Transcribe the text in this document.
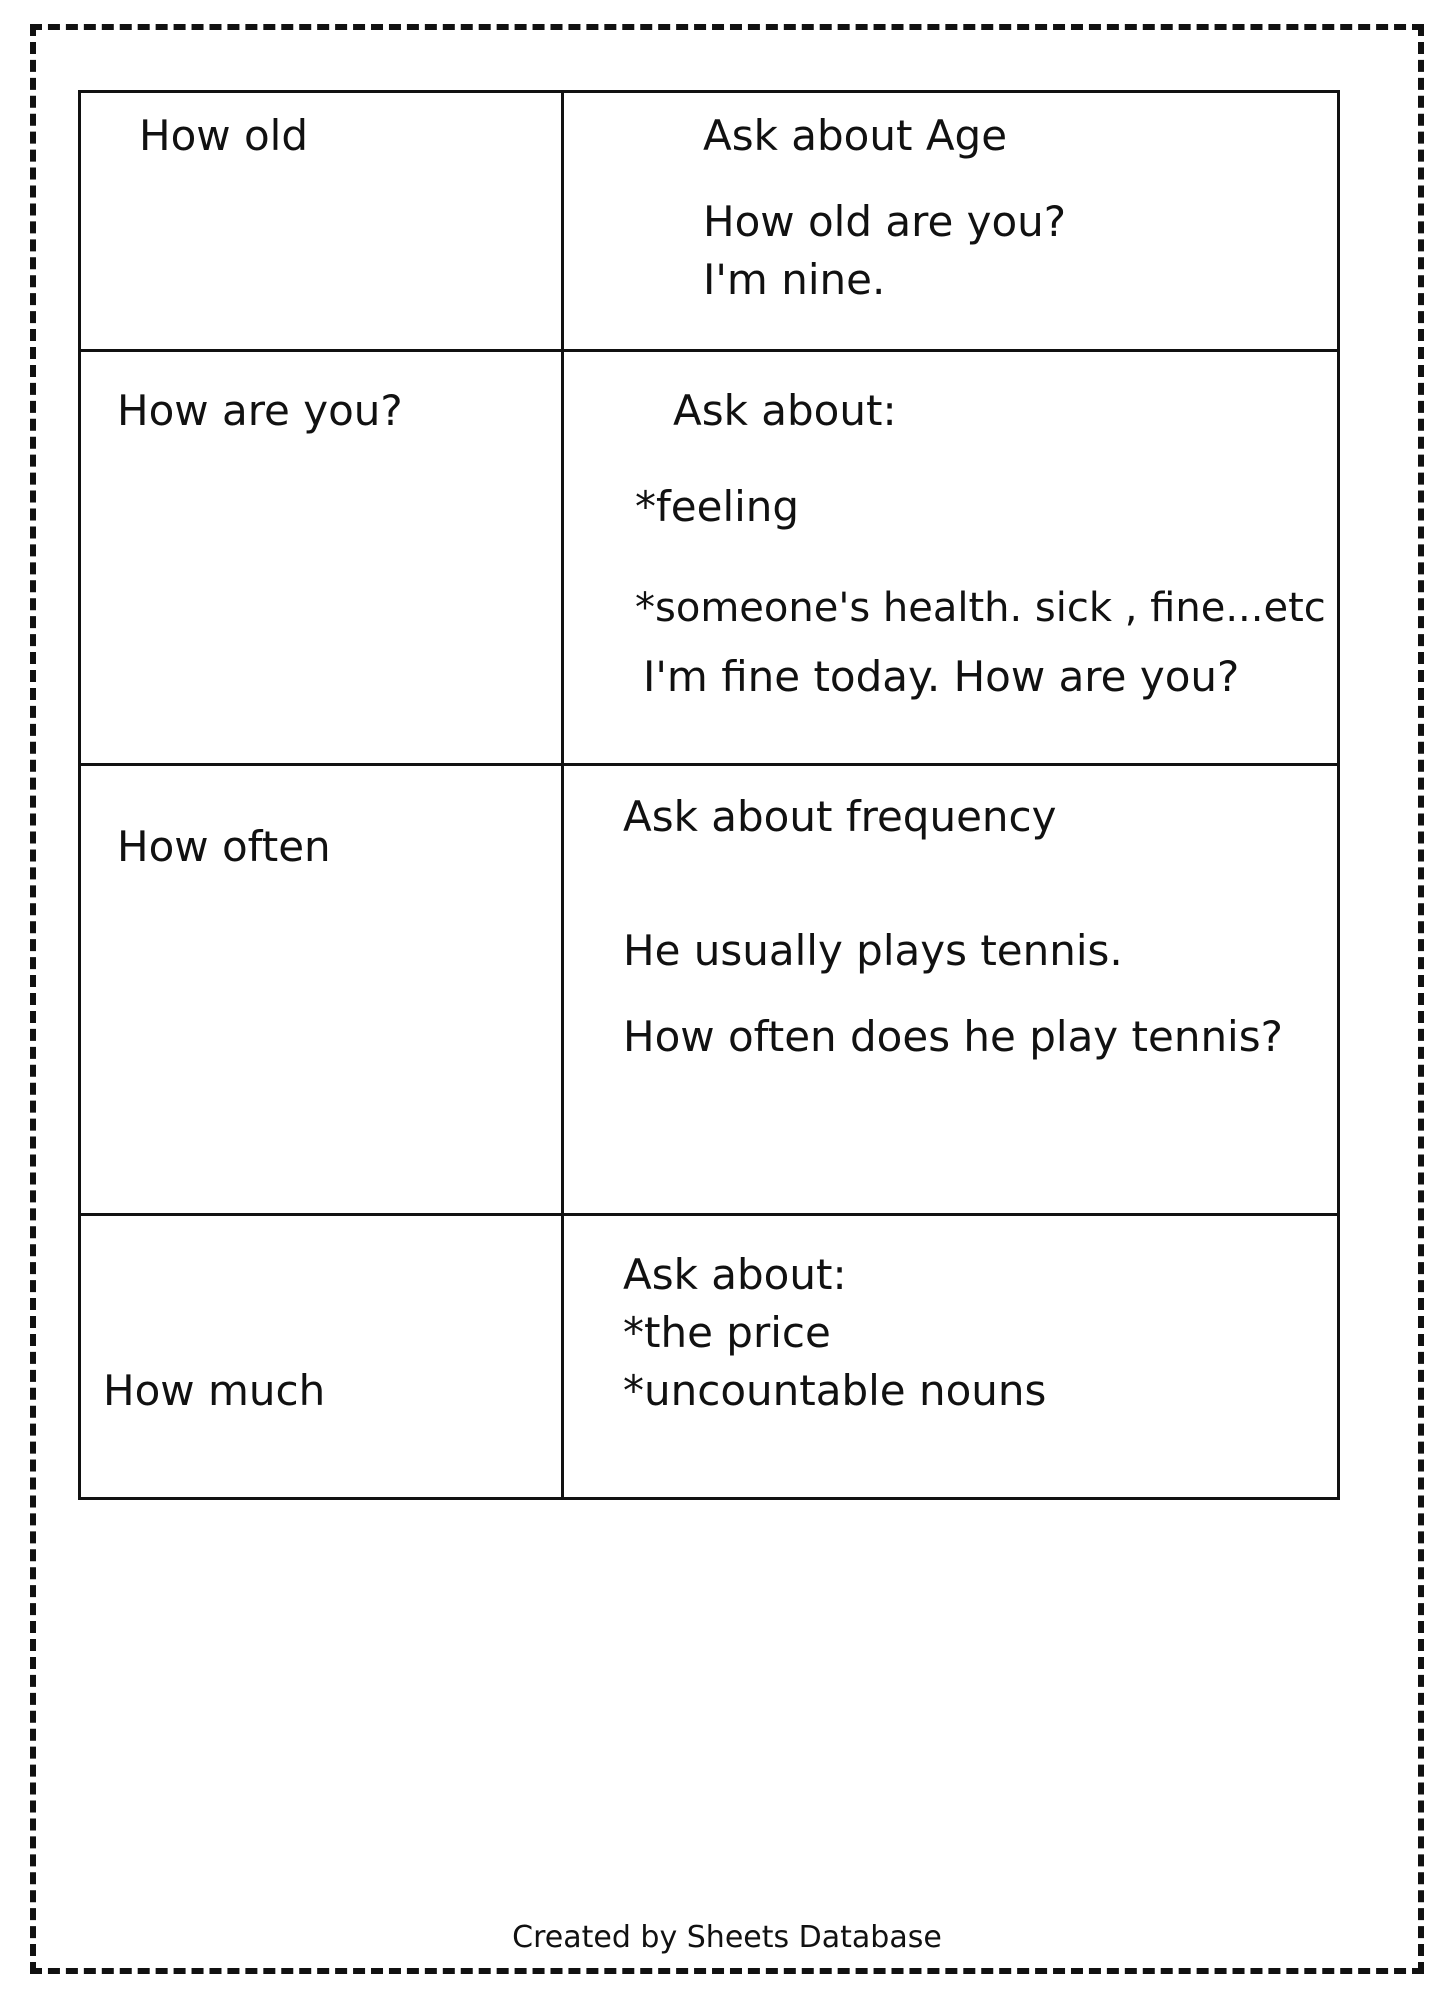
How old	Ask about Age
How old are you?
I'm nine.
How are you?	Ask about:
*feeling
*someone's health. sick , fine...etc
I'm fine today. How are you?
How often
Ask about frequency
He usually plays tennis.
How often does he play tennis?
How much
Ask about:
*the price
*uncountable nouns
Created by Sheets Database
